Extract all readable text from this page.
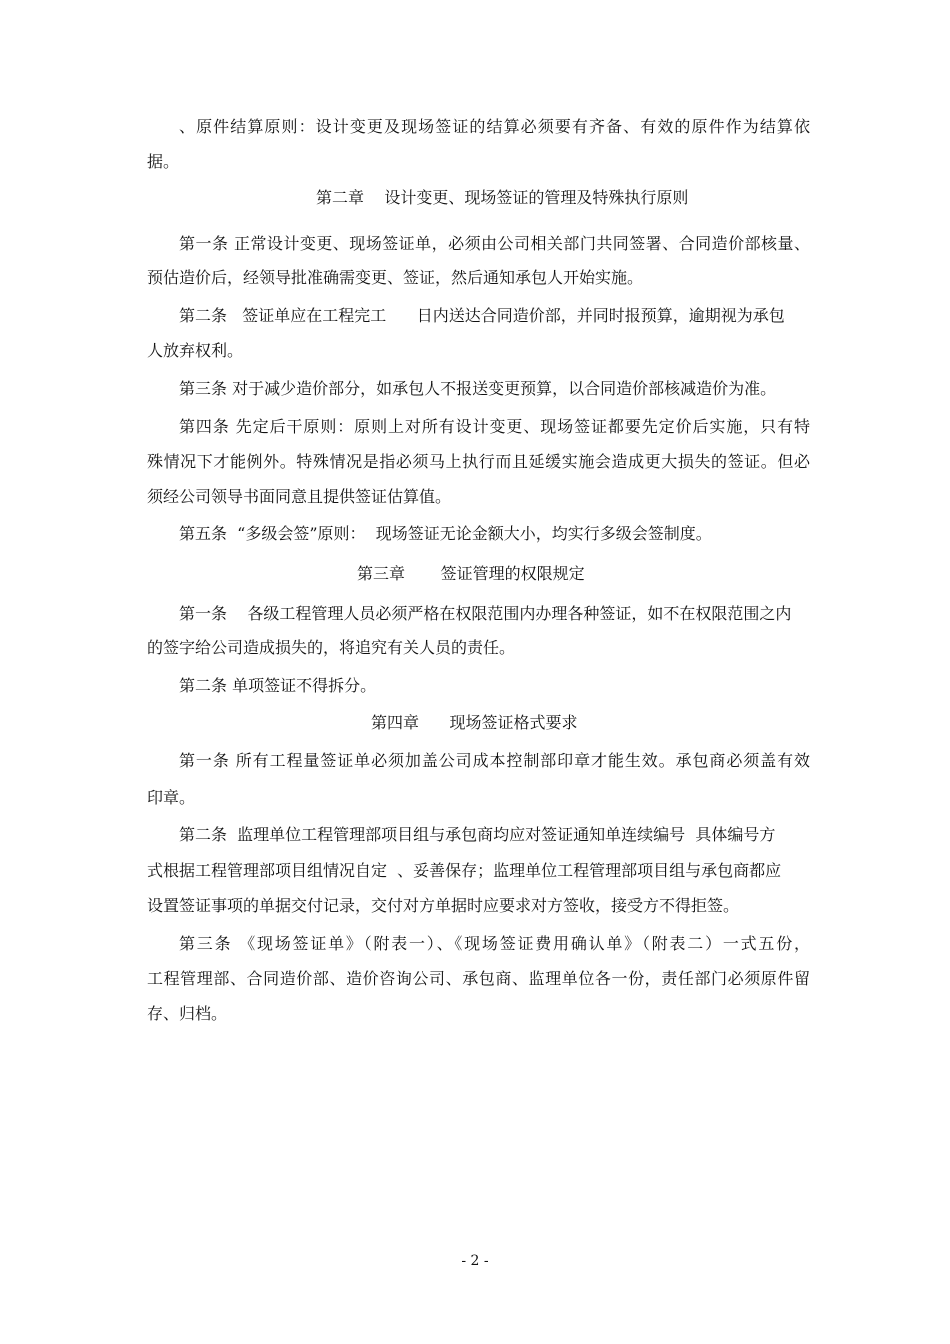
、原件结算原则：设计变更及现场签证的结算必须要有齐备、有效的原件作为结算依
据。
第二章    设计变更、现场签证的管理及特殊执行原则
第一条 正常设计变更、现场签证单，必须由公司相关部门共同签署、合同造价部核量、
预估造价后，经领导批准确需变更、签证，然后通知承包人开始实施。
第二条   签证单应在工程完工      日内送达合同造价部，并同时报预算，逾期视为承包
人放弃权利。
第三条 对于减少造价部分，如承包人不报送变更预算，以合同造价部核减造价为准。
第四条 先定后干原则：原则上对所有设计变更、现场签证都要先定价后实施，只有特
殊情况下才能例外。特殊情况是指必须马上执行而且延缓实施会造成更大损失的签证。但必
须经公司领导书面同意且提供签证估算值。
第五条  “多级会签”原则：  现场签证无论金额大小，均实行多级会签制度。
第三章       签证管理的权限规定
第一条    各级工程管理人员必须严格在权限范围内办理各种签证，如不在权限范围之内
的签字给公司造成损失的，将追究有关人员的责任。
第二条 单项签证不得拆分。
第四章      现场签证格式要求
第一条 所有工程量签证单必须加盖公司成本控制部印章才能生效。承包商必须盖有效
印章。
第二条  监理单位工程管理部项目组与承包商均应对签证通知单连续编号  具体编号方
式根据工程管理部项目组情况自定  、妥善保存；监理单位工程管理部项目组与承包商都应
设置签证事项的单据交付记录，交付对方单据时应要求对方签收，接受方不得拒签。
第三条 《现场签证单》（附表一）、《现场签证费用确认单》（附表二）一式五份，
工程管理部、合同造价部、造价咨询公司、承包商、监理单位各一份，责任部门必须原件留
存、归档。
- 2 -
